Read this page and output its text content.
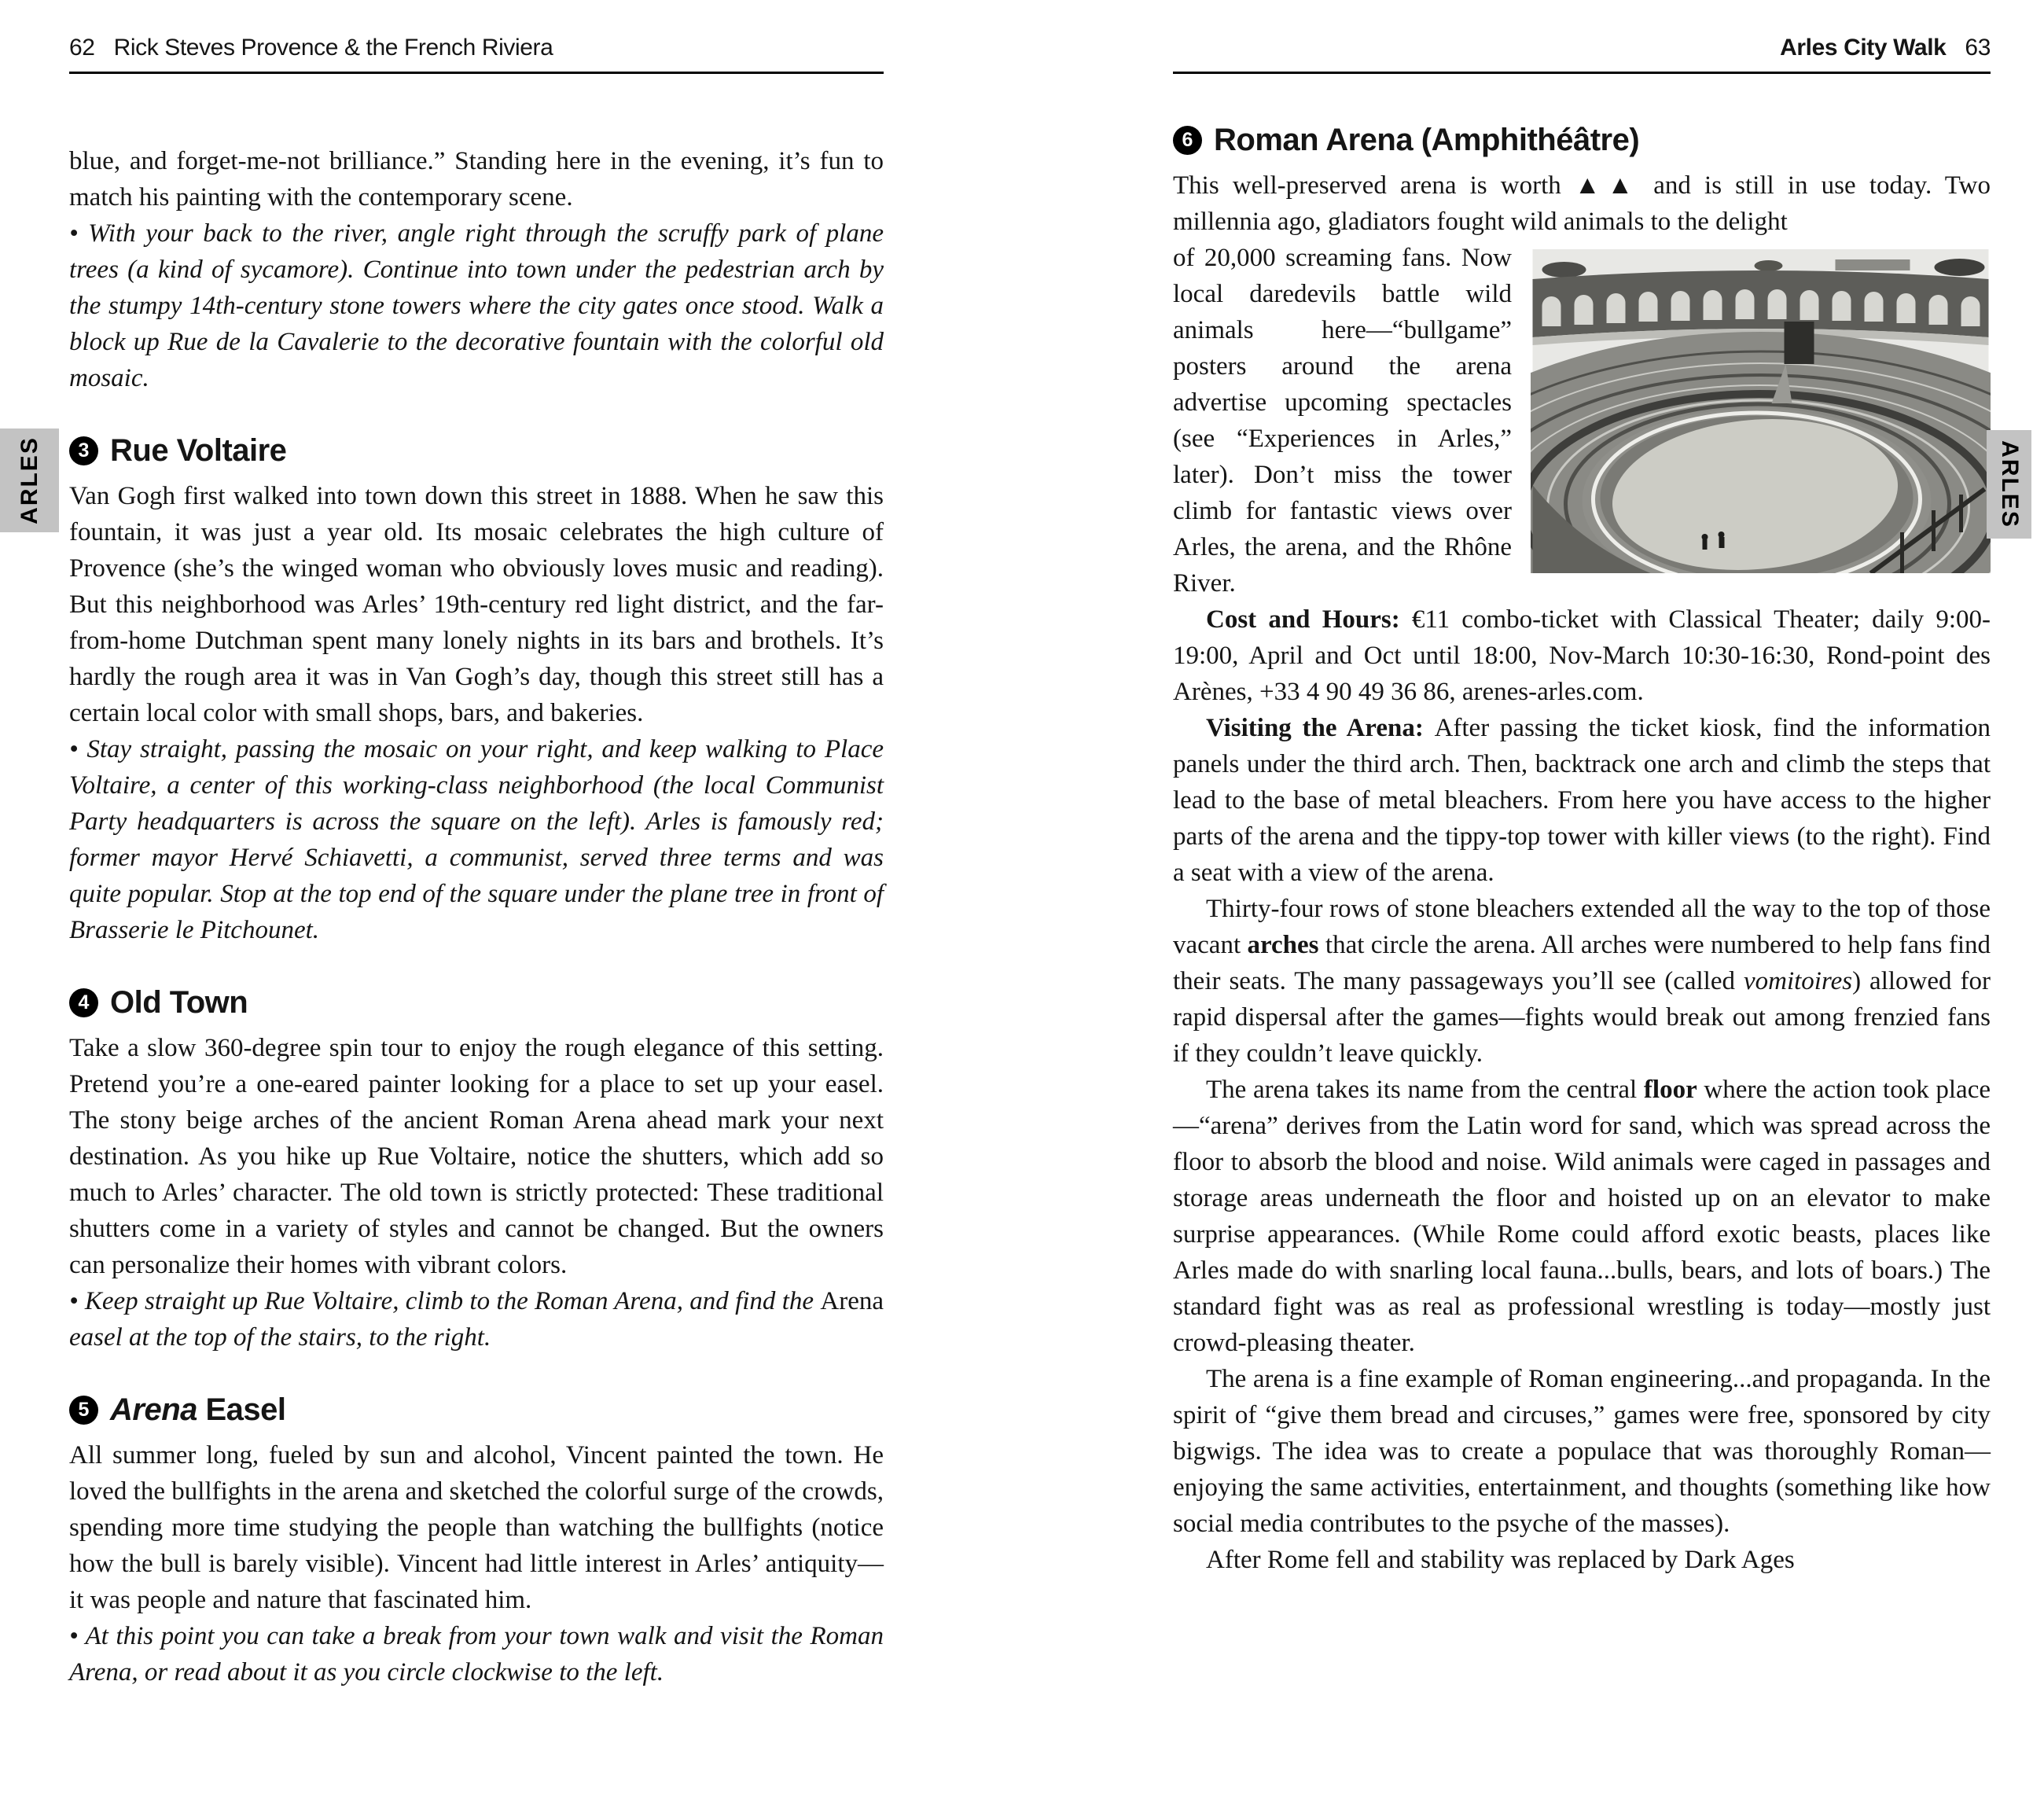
62 Rick Steves Provence & the French Riviera

blue, and forget-me-not brilliance.” Standing here in the evening, it’s fun to match his painting with the contemporary scene.

• With your back to the river, angle right through the scruffy park of plane trees (a kind of sycamore). Continue into town under the pedestrian arch by the stumpy 14th-century stone towers where the city gates once stood. Walk a block up Rue de la Cavalerie to the decorative fountain with the colorful old mosaic.

3 Rue Voltaire

Van Gogh first walked into town down this street in 1888. When he saw this fountain, it was just a year old. Its mosaic celebrates the high culture of Provence (she’s the winged woman who obviously loves music and reading). But this neighborhood was Arles’ 19th-century red light district, and the far-from-home Dutchman spent many lonely nights in its bars and brothels. It’s hardly the rough area it was in Van Gogh’s day, though this street still has a certain local color with small shops, bars, and bakeries.

• Stay straight, passing the mosaic on your right, and keep walking to Place Voltaire, a center of this working-class neighborhood (the local Communist Party headquarters is across the square on the left). Arles is famously red; former mayor Hervé Schiavetti, a communist, served three terms and was quite popular. Stop at the top end of the square under the plane tree in front of Brasserie le Pitchounet.

4 Old Town

Take a slow 360-degree spin tour to enjoy the rough elegance of this setting. Pretend you’re a one-eared painter looking for a place to set up your easel. The stony beige arches of the ancient Roman Arena ahead mark your next destination. As you hike up Rue Voltaire, notice the shutters, which add so much to Arles’ character. The old town is strictly protected: These traditional shutters come in a variety of styles and cannot be changed. But the owners can personalize their homes with vibrant colors.

• Keep straight up Rue Voltaire, climb to the Roman Arena, and find the Arena easel at the top of the stairs, to the right.

5 Arena Easel

All summer long, fueled by sun and alcohol, Vincent painted the town. He loved the bullfights in the arena and sketched the colorful surge of the crowds, spending more time studying the people than watching the bullfights (notice how the bull is barely visible). Vincent had little interest in Arles’ antiquity—it was people and nature that fascinated him.

• At this point you can take a break from your town walk and visit the Roman Arena, or read about it as you circle clockwise to the left.

Arles City Walk 63
6 Roman Arena (Amphithéâtre)

This well-preserved arena is worth ▲▲ and is still in use today. Two millennia ago, gladiators fought wild animals to the delight

of 20,000 screaming fans. Now local daredevils battle wild animals here—“bullgame” posters around the arena advertise upcoming spectacles (see “Experiences in Arles,” later). Don’t miss the tower climb for fantastic views over Arles, the arena, and the Rhône River.

Cost and Hours: €11 combo-ticket with Classical Theater; daily 9:00-19:00, April and Oct until 18:00, Nov-March 10:30-16:30, Rond-point des Arènes, +33 4 90 49 36 86, arenes-arles.com.

Visiting the Arena: After passing the ticket kiosk, find the information panels under the third arch. Then, backtrack one arch and climb the steps that lead to the base of metal bleachers. From here you have access to the higher parts of the arena and the tippy-top tower with killer views (to the right). Find a seat with a view of the arena.

Thirty-four rows of stone bleachers extended all the way to the top of those vacant arches that circle the arena. All arches were numbered to help fans find their seats. The many passageways you’ll see (called vomitoires) allowed for rapid dispersal after the games—fights would break out among frenzied fans if they couldn’t leave quickly.

The arena takes its name from the central floor where the action took place—“arena” derives from the Latin word for sand, which was spread across the floor to absorb the blood and noise. Wild animals were caged in passages and storage areas underneath the floor and hoisted up on an elevator to make surprise appearances. (While Rome could afford exotic beasts, places like Arles made do with snarling local fauna...bulls, bears, and lots of boars.) The standard fight was as real as professional wrestling is today—mostly just crowd-pleasing theater.

The arena is a fine example of Roman engineering...and propaganda. In the spirit of “give them bread and circuses,” games were free, sponsored by city bigwigs. The idea was to create a populace that was thoroughly Roman—enjoying the same activities, entertainment, and thoughts (something like how social media contributes to the psyche of the masses).

After Rome fell and stability was replaced by Dark Ages

ARLES	ARLES
